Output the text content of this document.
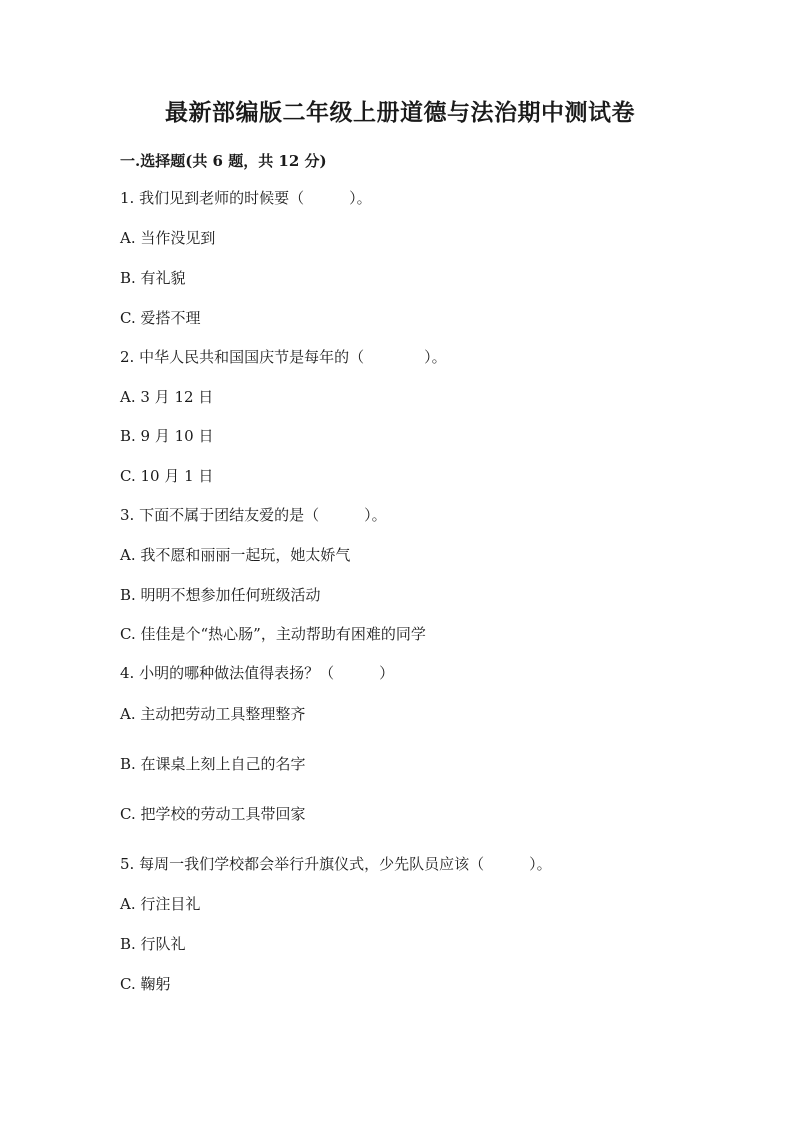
最新部编版二年级上册道德与法治期中测试卷
一.选择题(共 6 题，共 12 分)
1. 我们见到老师的时候要（　　　）。
A. 当作没见到
B. 有礼貌
C. 爱搭不理
2. 中华人民共和国国庆节是每年的（　　　　）。
A. 3 月 12 日
B. 9 月 10 日
C. 10 月 1 日
3. 下面不属于团结友爱的是（　　　）。
A. 我不愿和丽丽一起玩，她太娇气
B. 明明不想参加任何班级活动
C. 佳佳是个“热心肠”，主动帮助有困难的同学
4. 小明的哪种做法值得表扬？（　　　）
A. 主动把劳动工具整理整齐
B. 在课桌上刻上自己的名字
C. 把学校的劳动工具带回家
5. 每周一我们学校都会举行升旗仪式，少先队员应该（　　　）。
A. 行注目礼
B. 行队礼
C. 鞠躬
